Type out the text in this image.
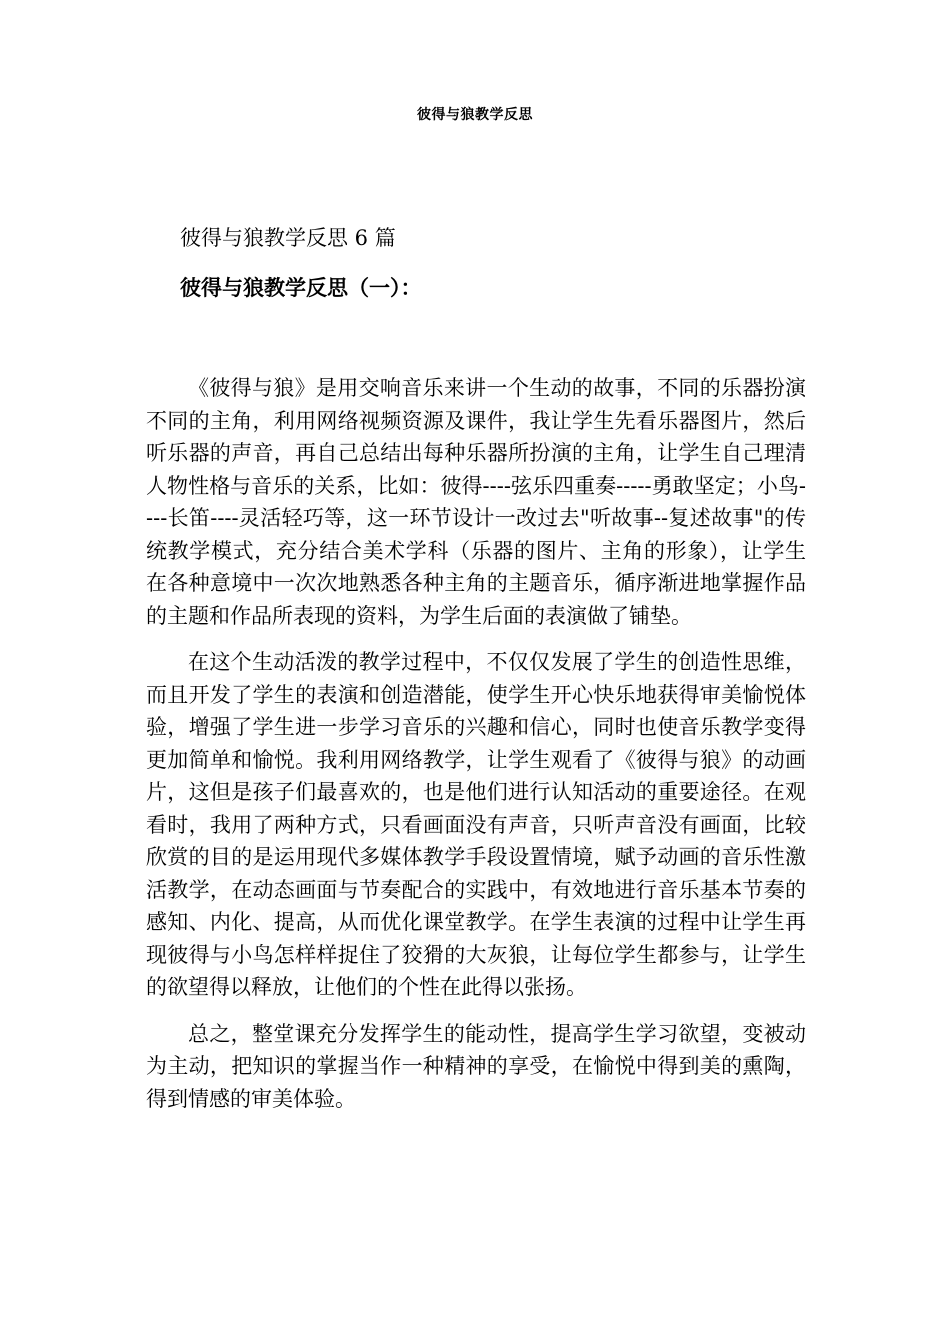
彼得与狼教学反思
彼得与狼教学反思 6 篇
彼得与狼教学反思（一）：

《彼得与狼》是用交响音乐来讲一个生动的故事，不同的乐器扮演不同的主角，利用网络视频资源及课件，我让学生先看乐器图片，然后听乐器的声音，再自己总结出每种乐器所扮演的主角，让学生自己理清人物性格与音乐的关系，比如：彼得----弦乐四重奏-----勇敢坚定；小鸟----长笛----灵活轻巧等，这一环节设计一改过去"听故事--复述故事"的传统教学模式，充分结合美术学科（乐器的图片、主角的形象），让学生在各种意境中一次次地熟悉各种主角的主题音乐，循序渐进地掌握作品的主题和作品所表现的资料，为学生后面的表演做了铺垫。

在这个生动活泼的教学过程中，不仅仅发展了学生的创造性思维，而且开发了学生的表演和创造潜能，使学生开心快乐地获得审美愉悦体验，增强了学生进一步学习音乐的兴趣和信心，同时也使音乐教学变得更加简单和愉悦。我利用网络教学，让学生观看了《彼得与狼》的动画片，这但是孩子们最喜欢的，也是他们进行认知活动的重要途径。在观看时，我用了两种方式，只看画面没有声音，只听声音没有画面，比较欣赏的目的是运用现代多媒体教学手段设置情境，赋予动画的音乐性激活教学，在动态画面与节奏配合的实践中，有效地进行音乐基本节奏的感知、内化、提高，从而优化课堂教学。在学生表演的过程中让学生再现彼得与小鸟怎样样捉住了狡猾的大灰狼，让每位学生都参与，让学生的欲望得以释放，让他们的个性在此得以张扬。

总之，整堂课充分发挥学生的能动性，提高学生学习欲望，变被动为主动，把知识的掌握当作一种精神的享受，在愉悦中得到美的熏陶，得到情感的审美体验。
